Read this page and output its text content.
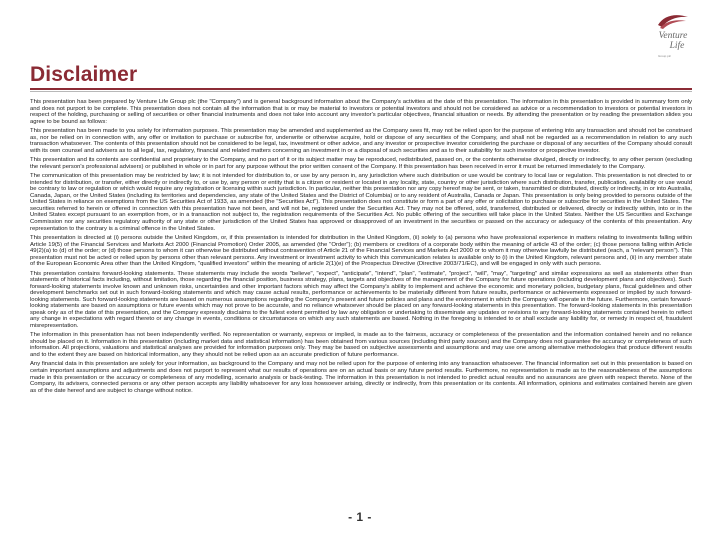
Venture
Life
Group plc
Disclaimer

This presentation has been prepared by Venture Life Group plc (the "Company") and is general background information about the Company's activities at the date of this presentation. The information in this presentation is provided in summary form only and does not purport to be complete. This presentation does not contain all the information that is or may be material to investors or potential investors and should not be considered as advice or a recommendation to investors or potential investors in respect of the holding, purchasing or selling of securities or other financial instruments and does not take into account any investor's particular objectives, financial situation or needs. By attending the presentation or by reading the presentation slides you agree to be bound as follows:

This presentation has been made to you solely for information purposes. This presentation may be amended and supplemented as the Company sees fit, may not be relied upon for the purpose of entering into any transaction and should not be construed as, nor be relied on in connection with, any offer or invitation to purchase or subscribe for, underwrite or otherwise acquire, hold or dispose of any securities of the Company, and shall not be regarded as a recommendation in relation to any such transaction whatsoever. The contents of this presentation should not be considered to be legal, tax, investment or other advice, and any investor or prospective investor considering the purchase or disposal of any securities of the Company should consult with its own counsel and advisers as to all legal, tax, regulatory, financial and related matters concerning an investment in or a disposal of such securities and as to their suitability for such investor or prospective investor.

This presentation and its contents are confidential and proprietary to the Company, and no part of it or its subject matter may be reproduced, redistributed, passed on, or the contents otherwise divulged, directly or indirectly, to any other person (excluding the relevant person's professional advisers) or published in whole or in part for any purpose without the prior written consent of the Company. If this presentation has been received in error it must be returned immediately to the Company.

The communication of this presentation may be restricted by law; it is not intended for distribution to, or use by any person in, any jurisdiction where such distribution or use would be contrary to local law or regulation. This presentation is not directed to or intended for distribution, or transfer, either directly or indirectly to, or use by, any person or entity that is a citizen or resident or located in any locality, state, country or other jurisdiction where such distribution, transfer, publication, availability or use would be contrary to law or regulation or which would require any registration or licensing within such jurisdiction. In particular, neither this presentation nor any copy hereof may be sent, or taken, transmitted or distributed, directly or indirectly, in or into Australia, Canada, Japan, or the United States (including its territories and dependencies, any state of the United States and the District of Columbia) or to any resident of Australia, Canada or Japan. This presentation is only being provided to persons outside of the United States in reliance on exemptions from the US Securities Act of 1933, as amended (the "Securities Act"). This presentation does not constitute or form a part of any offer or solicitation to purchase or subscribe for securities in the United States. The securities referred to herein or offered in connection with this presentation have not been, and will not be, registered under the Securities Act. They may not be offered, sold, transferred, distributed or delivered, directly or indirectly within, into or in the United States except pursuant to an exemption from, or in a transaction not subject to, the registration requirements of the Securities Act. No public offering of the securities will take place in the United States. Neither the US Securities and Exchange Commission nor any securities regulatory authority of any state or other jurisdiction of the United States has approved or disapproved of an investment in the securities or passed on the accuracy or adequacy of the contents of this presentation. Any representation to the contrary is a criminal offence in the United States.

This presentation is directed at (i) persons outside the United Kingdom, or, if this presentation is intended for distribution in the United Kingdom, (ii) solely to (a) persons who have professional experience in matters relating to investments falling within Article 19(5) of the Financial Services and Markets Act 2000 (Financial Promotion) Order 2005, as amended (the "Order"); (b) members or creditors of a corporate body within the meaning of article 43 of the order; (c) those persons falling within Article 49(2)(a) to (d) of the order; or (d) those persons to whom it can otherwise be distributed without contravention of Article 21 of the Financial Services and Markets Act 2000 or to whom it may otherwise lawfully be distributed (each, a "relevant person"). This presentation must not be acted or relied upon by persons other than relevant persons. Any investment or investment activity to which this communication relates is available only to (i) in the United Kingdom, relevant persons and, (ii) in any member state of the European Economic Area other than the United Kingdom, "qualified investors" within the meaning of article 2(1)(e) of the Prospectus Directive (Directive 2003/71/EC), and will be engaged in only with such persons.

This presentation contains forward-looking statements. These statements may include the words "believe", "expect", "anticipate", "intend", "plan", "estimate", "project", "will", "may", "targeting" and similar expressions as well as statements other than statements of historical facts including, without limitation, those regarding the financial position, business strategy, plans, targets and objectives of the management of the Company for future operations (including development plans and objectives). Such forward-looking statements involve known and unknown risks, uncertainties and other important factors which may affect the Company's ability to implement and achieve the economic and monetary policies, budgetary plans, fiscal guidelines and other development benchmarks set out in such forward-looking statements and which may cause actual results, performance or achievements to be materially different from future results, performance or achievements expressed or implied by such forward-looking statements. Such forward-looking statements are based on numerous assumptions regarding the Company's present and future policies and plans and the environment in which the Company will operate in the future. Furthermore, certain forward-looking statements are based on assumptions or future events which may not prove to be accurate, and no reliance whatsoever should be placed on any forward-looking statements in this presentation. The forward-looking statements in this presentation speak only as of the date of this presentation, and the Company expressly disclaims to the fullest extent permitted by law any obligation or undertaking to disseminate any updates or revisions to any forward-looking statements contained herein to reflect any change in expectations with regard thereto or any change in events, conditions or circumstances on which any such statements are based. Nothing in the foregoing is intended to or shall exclude any liability for, or remedy in respect of, fraudulent misrepresentation.

The information in this presentation has not been independently verified. No representation or warranty, express or implied, is made as to the fairness, accuracy or completeness of the presentation and the information contained herein and no reliance should be placed on it. Information in this presentation (including market data and statistical information) has been obtained from various sources (including third party sources) and the Company does not guarantee the accuracy or completeness of such information. All projections, valuations and statistical analyses are provided for information purposes only. They may be based on subjective assessments and assumptions and may use one among alternative methodologies that produce different results and to the extent they are based on historical information, any they should not be relied upon as an accurate prediction of future performance.

Any financial data in this presentation are solely for your information, as background to the Company and may not be relied upon for the purpose of entering into any transaction whatsoever. The financial information set out in this presentation is based on certain important assumptions and adjustments and does not purport to represent what our results of operations are on an actual basis or any future period results. Furthermore, no representation is made as to the reasonableness of the assumptions made in this presentation or the accuracy or completeness of any modelling, scenario analysis or back-testing. The information in this presentation is not intended to predict actual results and no assurances are given with respect thereto. None of the Company, its advisers, connected persons or any other person accepts any liability whatsoever for any loss howsoever arising, directly or indirectly, from this presentation or its contents. All information, opinions and estimates contained herein are given as of the date hereof and are subject to change without notice.

- 1 -
